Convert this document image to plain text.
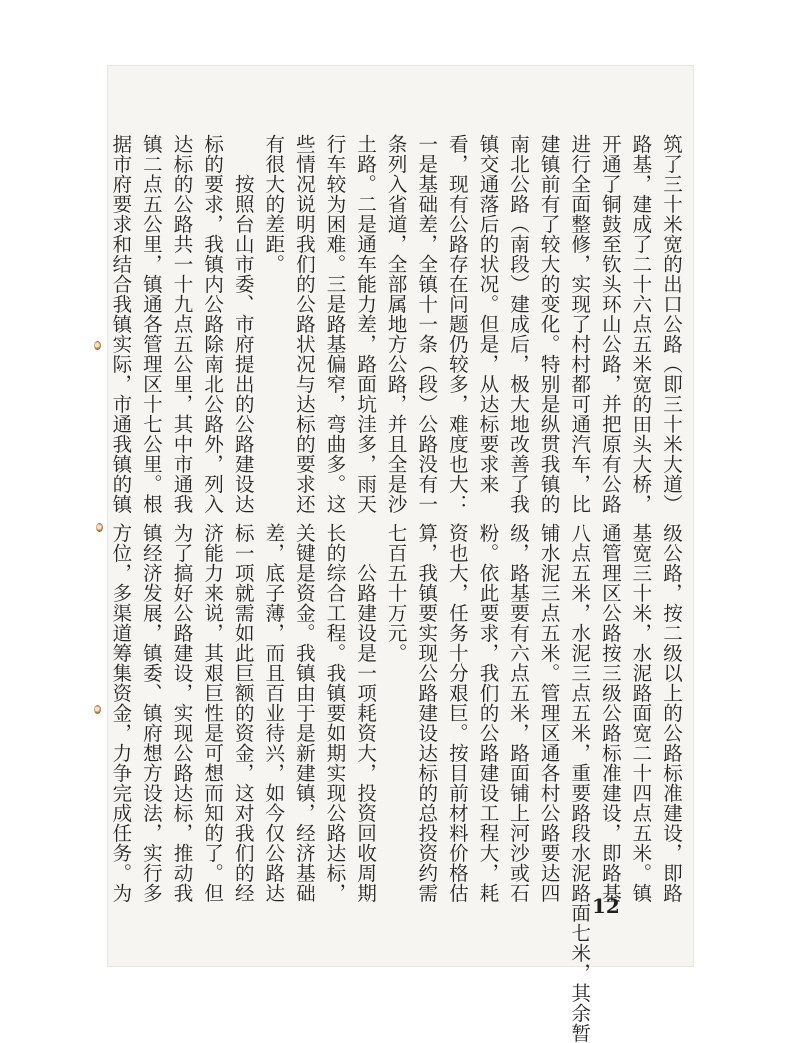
筑了三十米宽的出口公路（即三十米大道）

路基，建成了二十六点五米宽的田头大桥，

开通了铜鼓至钦头环山公路，并把原有公路

进行全面整修，实现了村村都可通汽车，比

建镇前有了较大的变化。特别是纵贯我镇的

南北公路（南段）建成后，极大地改善了我

镇交通落后的状况。但是，从达标要求来

看，现有公路存在问题仍较多，难度也大：

一是基础差，全镇十一条（段）公路没有一

条列入省道，全部属地方公路，并且全是沙

土路。二是通车能力差，路面坑洼多，雨天

行车较为困难。三是路基偏窄，弯曲多。这

些情况说明我们的公路状况与达标的要求还

有很大的差距。

　　按照台山市委、市府提出的公路建设达

标的要求，我镇内公路除南北公路外，列入

达标的公路共一十九点五公里，其中市通我

镇二点五公里，镇通各管理区十七公里。根

据市府要求和结合我镇实际，市通我镇的镇

级公路，按二级以上的公路标准建设，即路

基宽三十米，水泥路面宽二十四点五米。镇

通管理区公路按三级公路标准建设，即路基

八点五米，水泥三点五米，重要路段水泥路面七米，其余暂

铺水泥三点五米。管理区通各村公路要达四

级，路基要有六点五米，路面铺上河沙或石

粉。依此要求，我们的公路建设工程大，耗

资也大，任务十分艰巨。按目前材料价格估

算，我镇要实现公路建设达标的总投资约需

七百五十万元。

　　公路建设是一项耗资大，投资回收周期

长的综合工程。我镇要如期实现公路达标，

关键是资金。我镇由于是新建镇，经济基础

差，底子薄，而且百业待兴，如今仅公路达

标一项就需如此巨额的资金，这对我们的经

济能力来说，其艰巨性是可想而知的了。但

为了搞好公路建设，实现公路达标，推动我

镇经济发展，镇委、镇府想方设法，实行多

方位，多渠道筹集资金，力争完成任务。为

12
